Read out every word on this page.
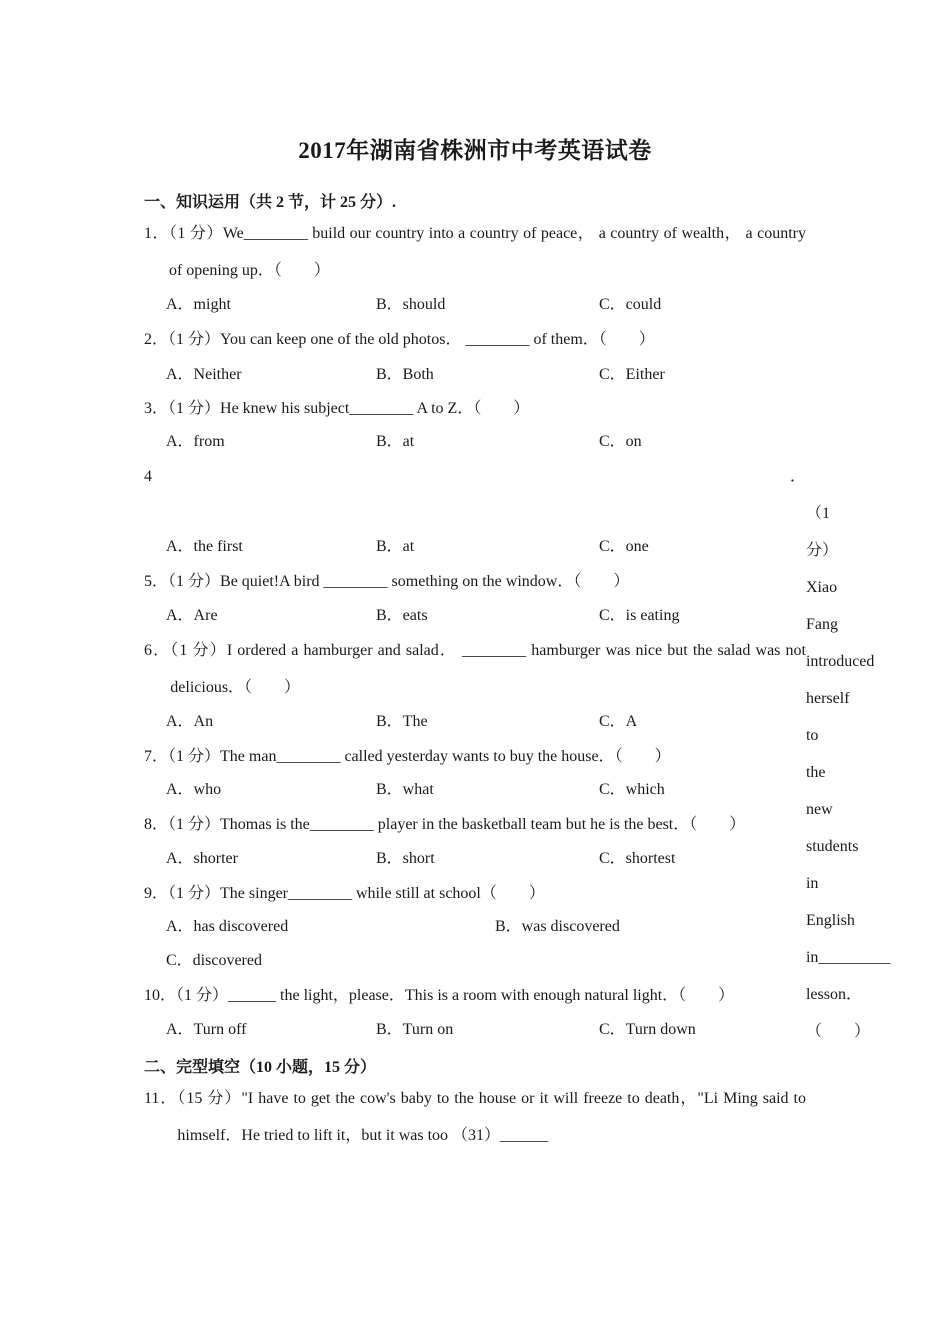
2017年湖南省株洲市中考英语试卷
一、知识运用（共 2 节，计 25 分）.
1．（1 分）We________ build our country into a country of peace， a country of wealth， a country of opening up．（　　）
A．might	B．should	C．could
2．（1 分）You can keep one of the old photos． ________ of them．（　　）
A．Neither	B．Both	C．Either
3．（1 分）He knew his subject________ A to Z．（　　）
A．from	B．at	C．on
4．（1 分）Xiao Fang introduced herself to the new students in English in_________ lesson．（　　）
A．the first	B．at	C．one
5．（1 分）Be quiet!A bird ________ something on the window．（　　）
A．Are	B．eats	C．is eating
6．（1 分）I ordered a hamburger and salad． ________ hamburger was nice but the salad was not delicious．（　　）
A．An	B．The	C．A
7．（1 分）The man________ called yesterday wants to buy the house．（　　）
A．who	B．what	C．which
8．（1 分）Thomas is the________ player in the basketball team but he is the best．（　　）
A．shorter	B．short	C．shortest
9．（1 分）The singer________ while still at school（　　）
A．has discovered	B．was discovered
C．discovered
10．（1 分）______ the light，please．This is a room with enough natural light．（　　）
A．Turn off	B．Turn on	C．Turn down
二、完型填空（10 小题，15 分）
11．（15 分）"I have to get the cow's baby to the house or it will freeze to death，"Li Ming said to himself．He tried to lift it，but it was too （31）______
